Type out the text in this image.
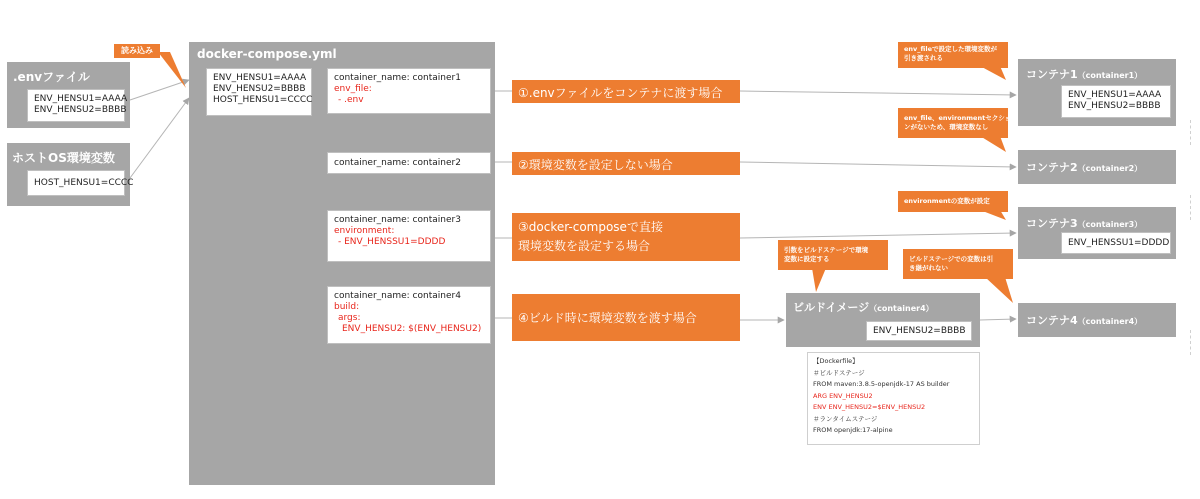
.envファイル
ENV_HENSU1=AAAA
ENV_HENSU2=BBBB
読み込み
ホストOS環境変数
HOST_HENSU1=CCCC
docker-compose.yml
ENV_HENSU1=AAAA
ENV_HENSU2=BBBB
HOST_HENSU1=CCCC
container_name: container1
env_file:
- .env
container_name: container2
container_name: container3
environment:
- ENV_HENSSU1=DDDD
container_name: container4
build:
args:
ENV_HENSU2: $(ENV_HENSU2)
①.envファイルをコンテナに渡す場合
②環境変数を設定しない場合
③docker-composeで直接
環境変数を設定する場合
④ビルド時に環境変数を渡す場合
コンテナ1（container1）
ENV_HENSU1=AAAA
ENV_HENSU2=BBBB
コンテナ2（container2）
コンテナ3（container3）
ENV_HENSSU1=DDDD
コンテナ4（container4）
ビルドイメージ（container4）
ENV_HENSU2=BBBB
【Dockerfile】
＃ビルドステージ
FROM maven:3.8.5-openjdk-17 AS builder
ARG ENV_HENSU2
ENV ENV_HENSU2=$ENV_HENSU2
＃ランタイムステージ
FROM openjdk:17-alpine
env_fileで設定した環境変数が
引き渡される
env_file、environmentセクショ
ンがないため、環境変数なし
environmentの変数が設定
引数をビルドステージで環境
変数に設定する	ビルドステージでの変数は引
き継がれない
